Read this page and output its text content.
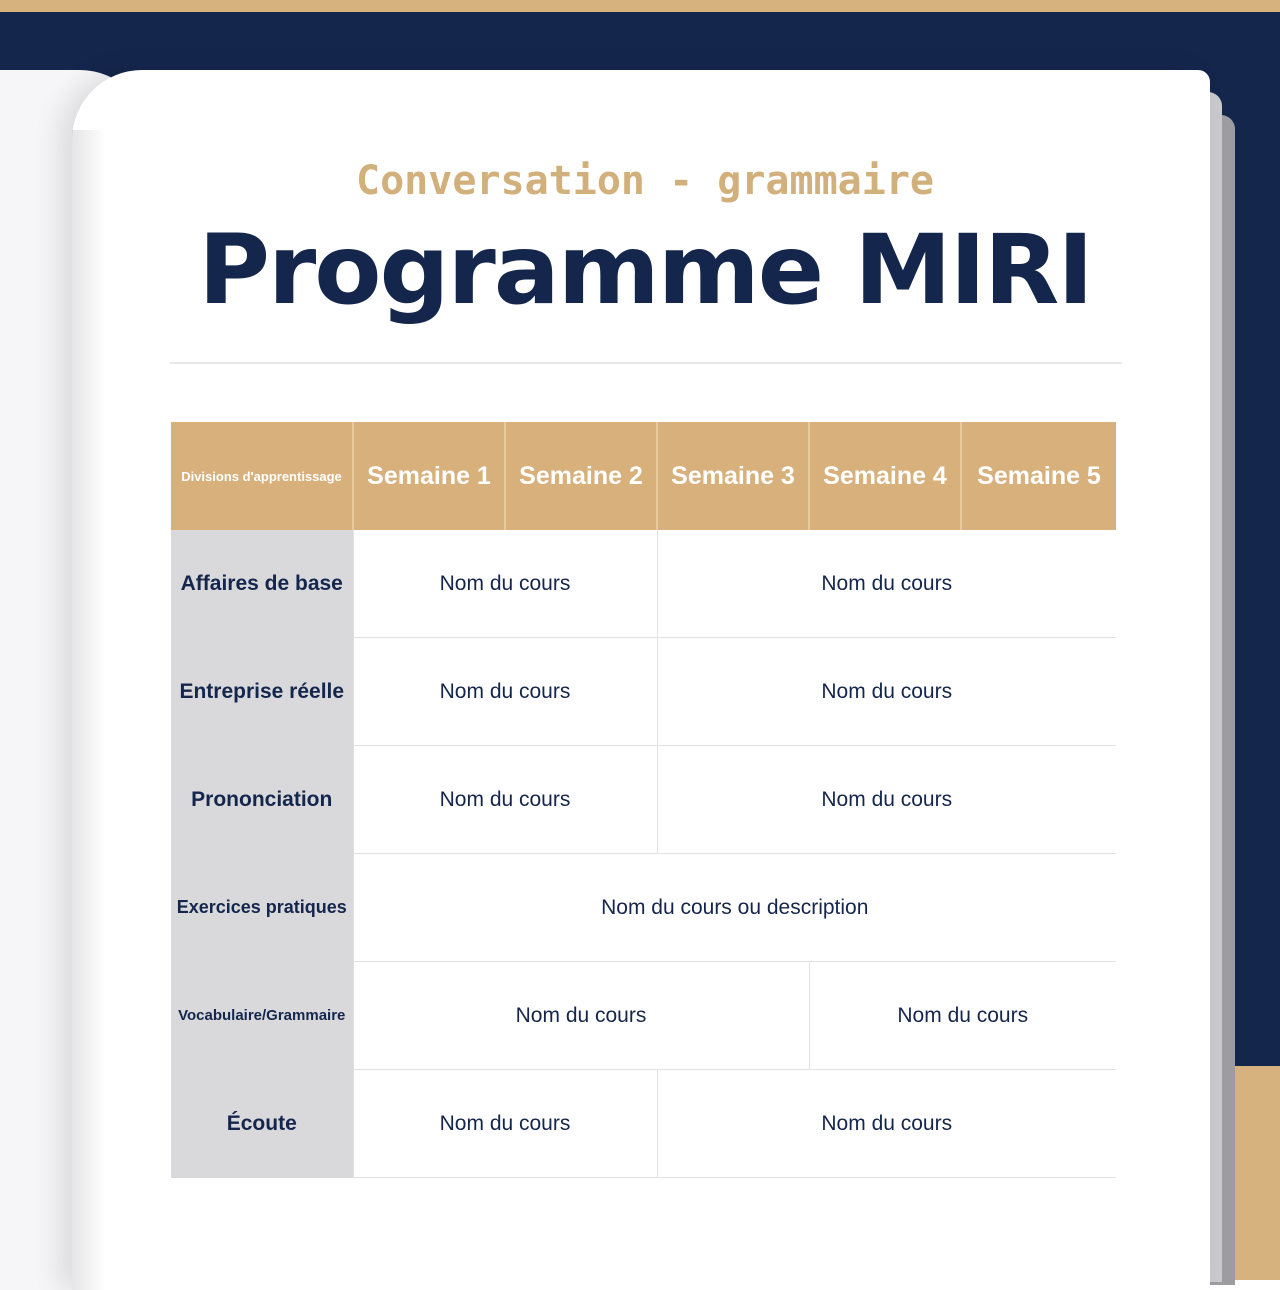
Conversation - grammaire
Programme MIRI
Divisions d'apprentissage	Semaine 1	Semaine 2	Semaine 3	Semaine 4	Semaine 5
Affaires de base	Nom du cours		Nom du cours		
Entreprise réelle	Nom du cours		Nom du cours		
Prononciation	Nom du cours		Nom du cours		
Exercices pratiques	Nom du cours ou description				
Vocabulaire/Grammaire	Nom du cours			Nom du cours	
Écoute	Nom du cours		Nom du cours		
